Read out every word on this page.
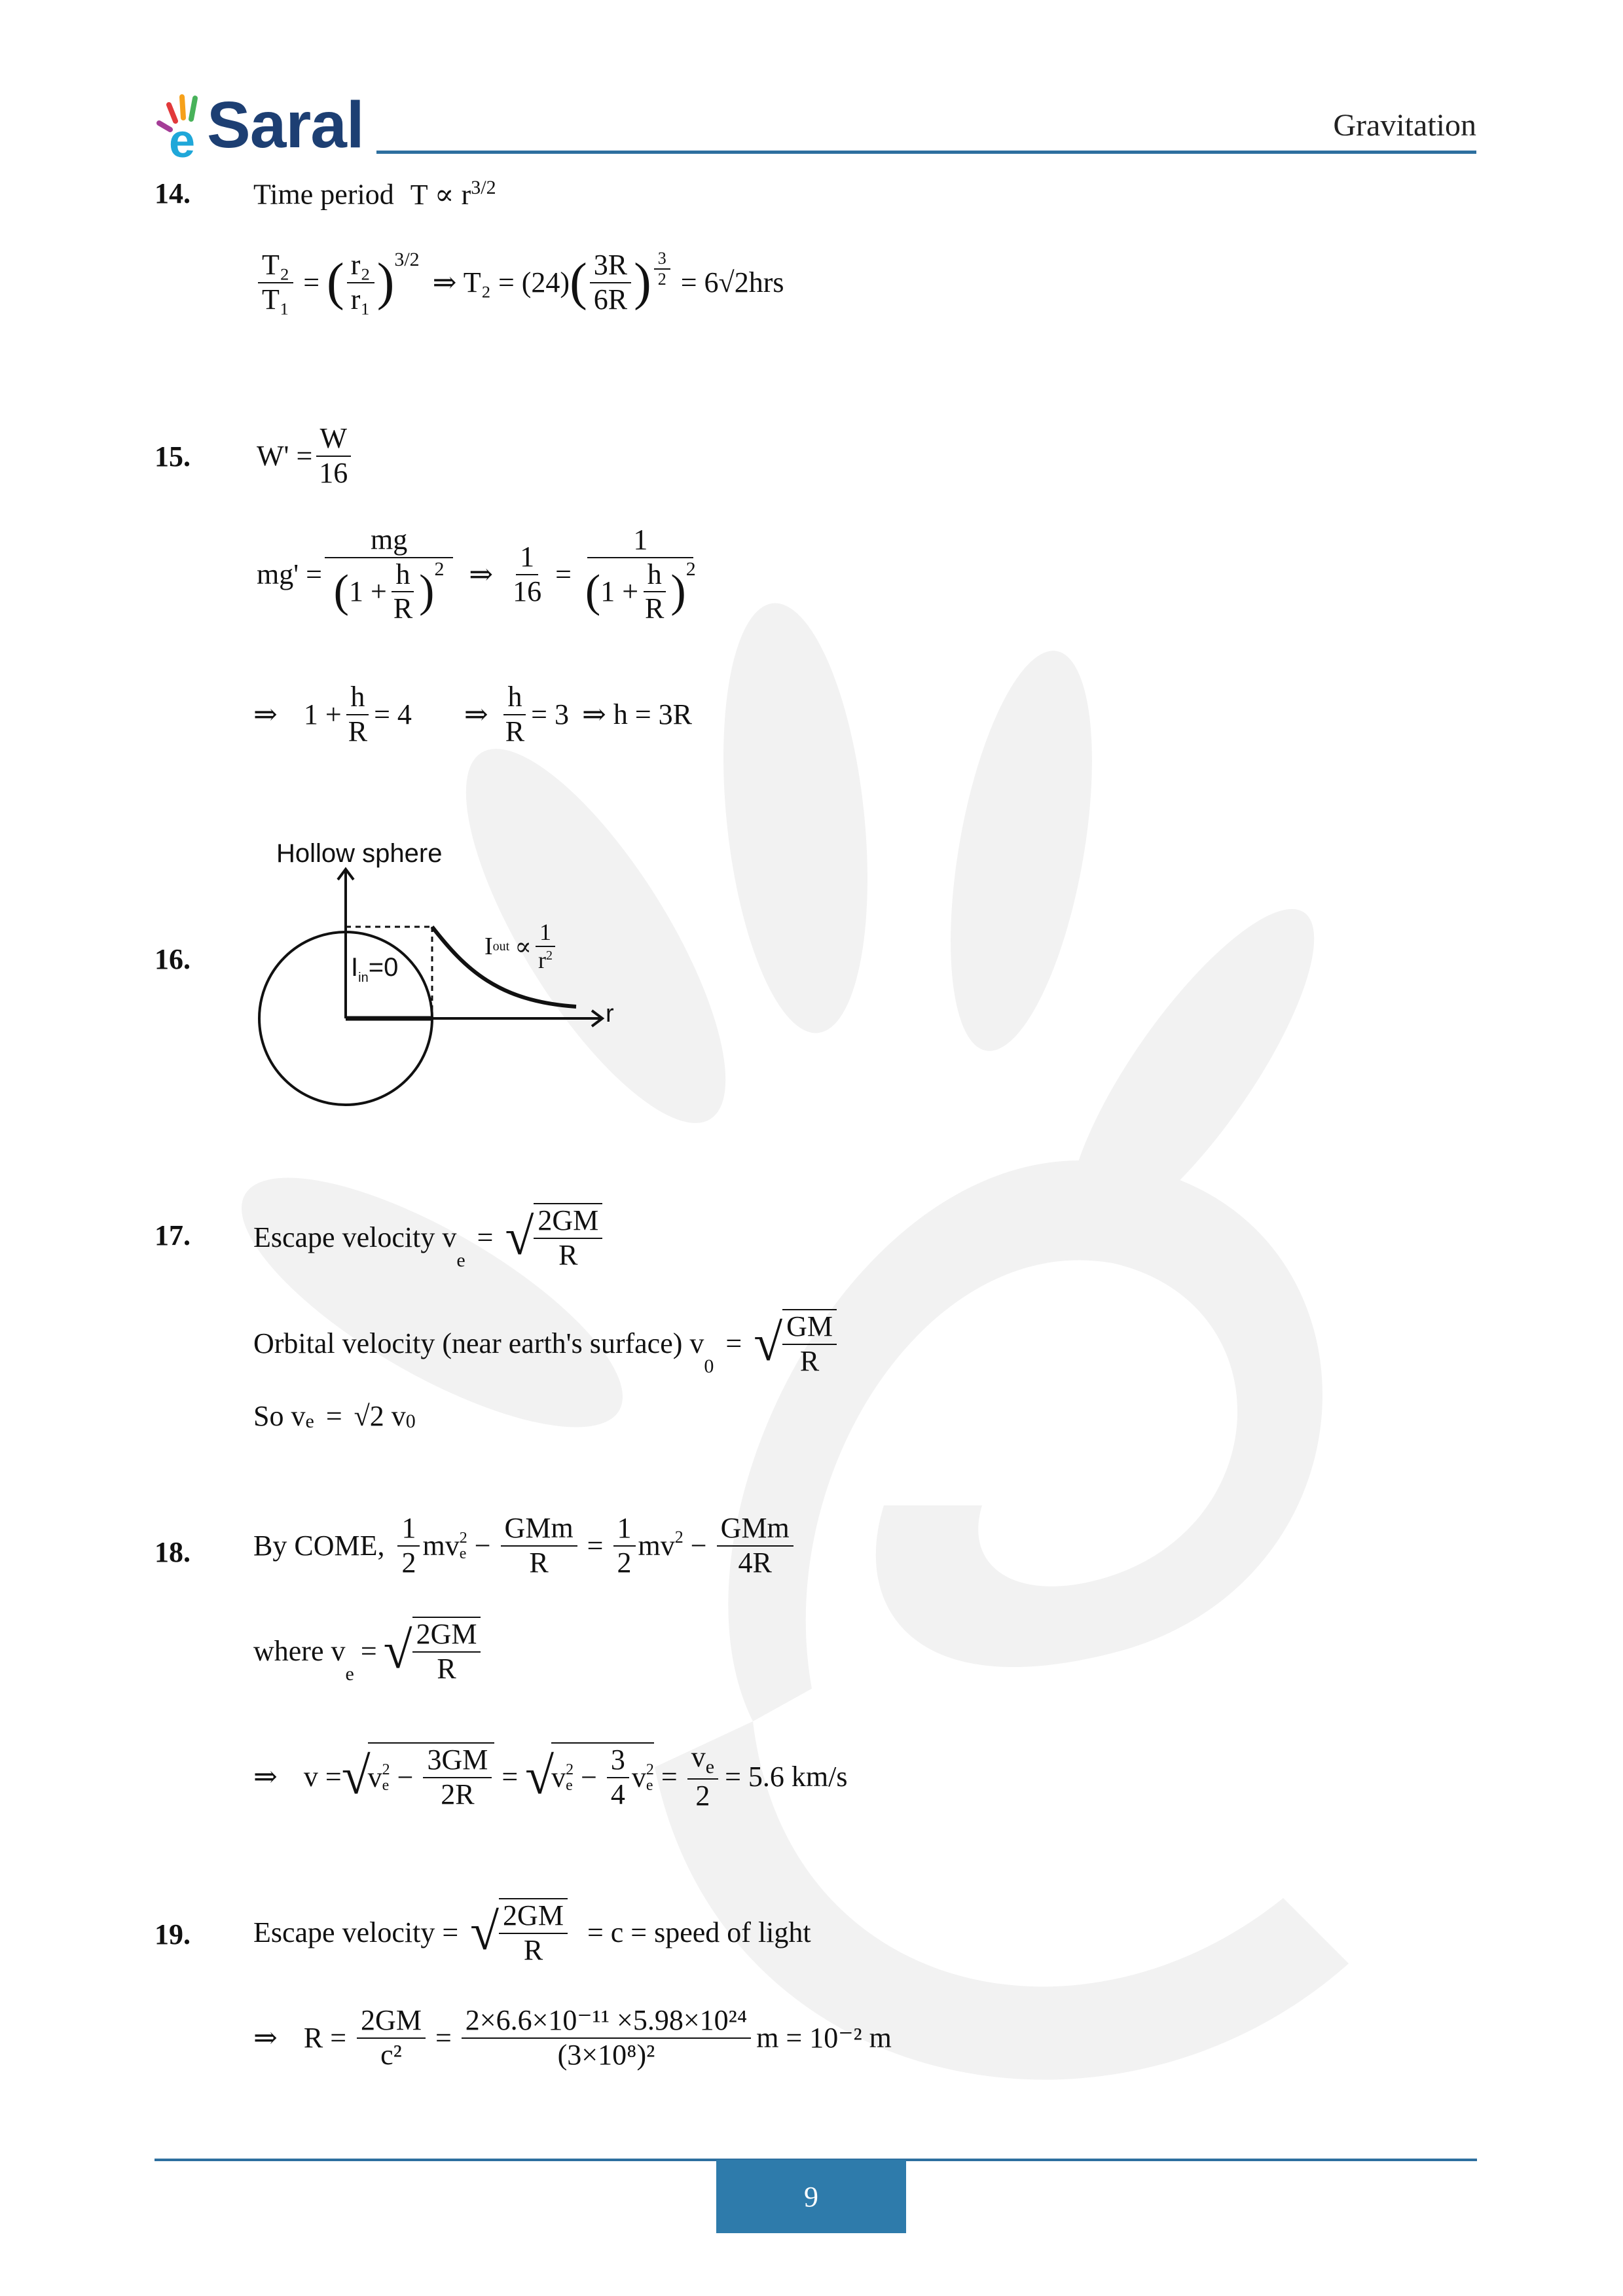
e Saral	Gravitation
14. Time period $T \propto r^{3/2}$
$\frac{\text{T₂}}{\text{T₁}}$ = ( $\frac{\text{r₂}}{\text{r₁}} )^{3/2}$
⇒ T₂ = (24) ( $\frac{3R}{6R}$ ) $\frac{3}{2} = 6√2hrs$
15. $W' = \frac{W}{16}$
$mg' = \frac{mg}{( 1 + \frac{h}{R} )^2}$ ⇒ $\frac{1}{16} = \frac{1}{( 1 + \frac{h}{R} )^2}$
⇒ $1 + \frac{h}{R} = 4$ ⇒ $\frac{h}{R} = 3$ ⇒ h = 3R
16.
Hollow sphere
$I_{in}=0$
I out ∝ $\frac{1}{r^2}$
r
17. Escape velocity v
$_e$
= √ $\frac{2GM}{R}$
Orbital velocity (near earth's surface) v
$_0$
= √ $\frac{GM}{R}$
So v e = √2 v 0
18. By COME, $\frac{1}{2}$ mv 2
$e - \frac{\text{GMm}}{R} = \frac{1}{2} mv^2 - \frac{\text{GMm}}{4R}$
where v
$_e$
= √ $\frac{2GM}{R}$
⇒ v = √
v 2
$e - \frac{3GM}{2R}$ = √
v 2
$e - \frac{3}{4}$ v 2
$e = \frac{v_e}{2} = 5.6$ km/s
19. Escape velocity = √ $\frac{2GM}{R} = c$ = speed of light
⇒ $R = \frac{2GM}{\text{c²}} = \frac{\text{2×6.6×10⁻¹¹ ×5.98×10²⁴}}{\text{(3×10⁸)²}}$ m = 10⁻² m
9
